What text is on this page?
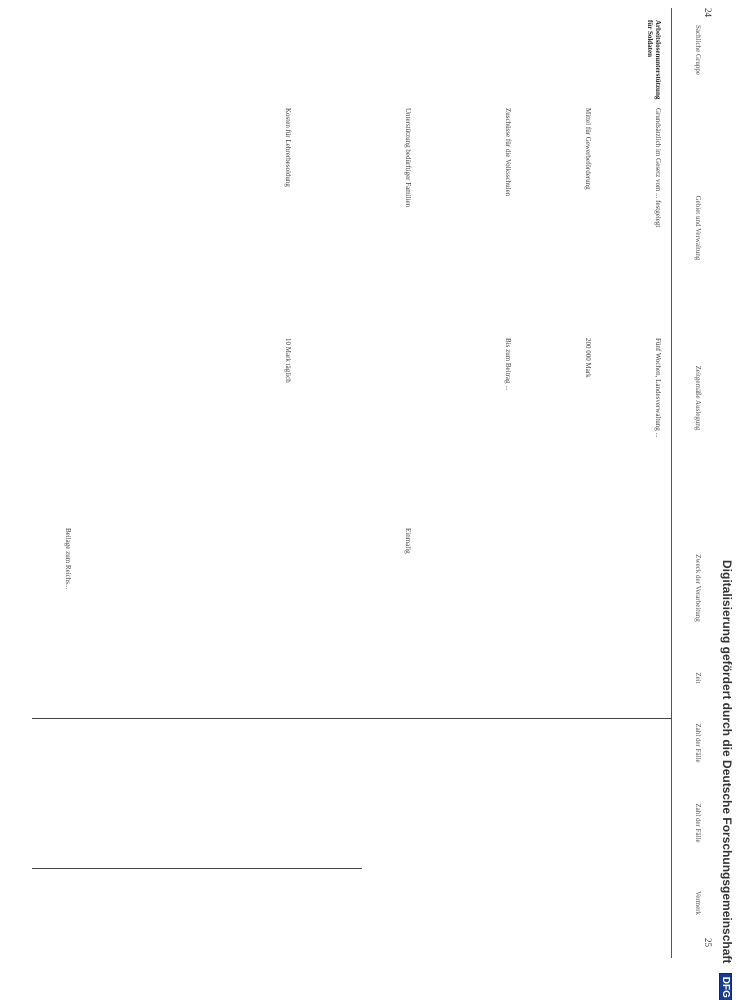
24
25
Sachliche Gruppe
Gebiet und Verwaltung
Zeitgemäße Auslegung
Zweck der Verarbeitung
Zeit
Zahl der Fälle
Zahl der Fälle
Vermerk
Arbeitslosenunterstützung für Soldaten
Grundsätzlich im Gesetz vom ... festgelegt
Fünf Wochen, Landesverwaltung ...
Mittel für Gewerbeförderung
200 000 Mark
Zuschüsse für die Volksschulen
Bis zum Beitrag ...
Unterstützung bedürftiger Familien
Einmalig
Kosten für Lehrerbesoldung
10 Mark täglich
Beilage zum Reichs...
Digitalisierung gefördert durch die Deutsche Forschungsgemeinschaft DFG
